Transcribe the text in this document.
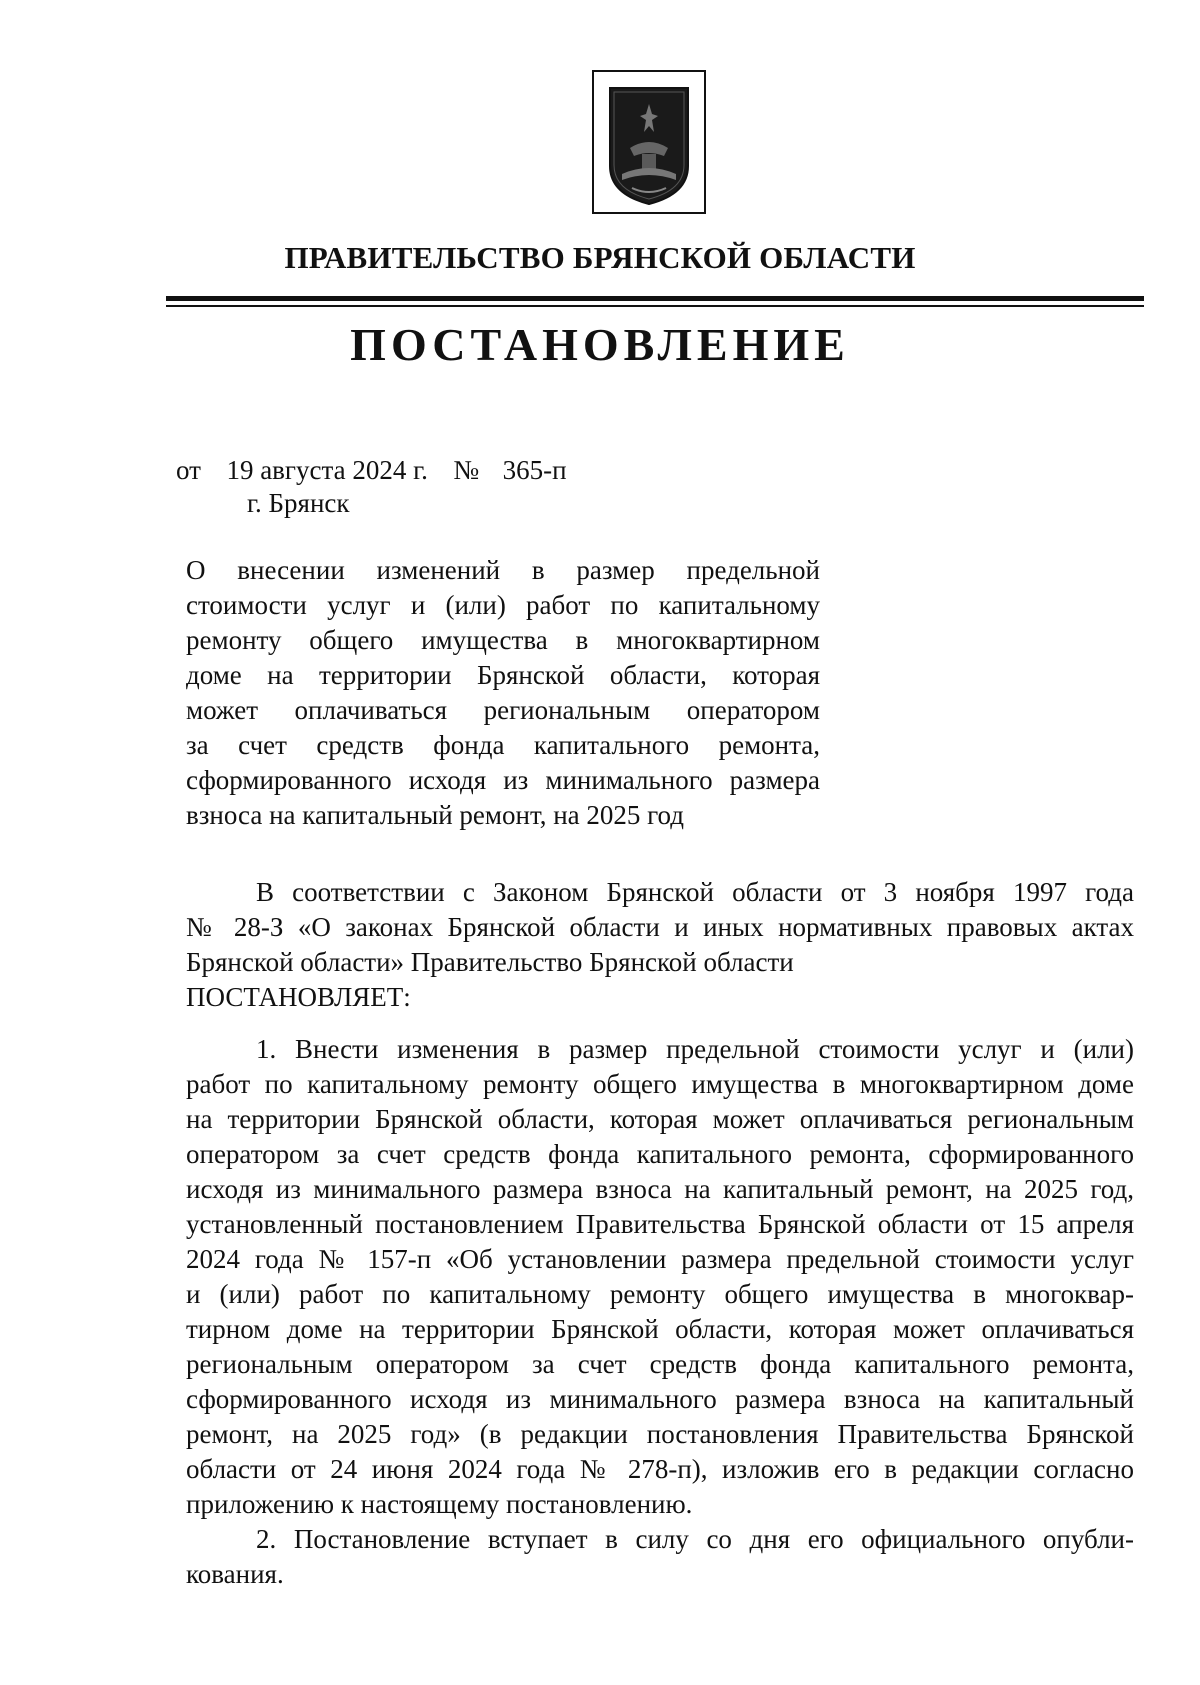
ПРАВИТЕЛЬСТВО БРЯНСКОЙ ОБЛАСТИ
ПОСТАНОВЛЕНИЕ
от 19 августа 2024 г. № 365-п
г. Брянск
О внесении изменений в размер предельной
стоимости услуг и (или) работ по капитальному
ремонту общего имущества в многоквартирном
доме на территории Брянской области, которая
может оплачиваться региональным оператором
за счет средств фонда капитального ремонта,
сформированного исходя из минимального размера
взноса на капитальный ремонт, на 2025 год
В соответствии с Законом Брянской области от 3 ноября 1997 года
№ 28-З «О законах Брянской области и иных нормативных правовых актах
Брянской области» Правительство Брянской области
ПОСТАНОВЛЯЕТ:
1. Внести изменения в размер предельной стоимости услуг и (или)
работ по капитальному ремонту общего имущества в многоквартирном доме
на территории Брянской области, которая может оплачиваться региональным
оператором за счет средств фонда капитального ремонта, сформированного
исходя из минимального размера взноса на капитальный ремонт, на 2025 год,
установленный постановлением Правительства Брянской области от 15 апреля
2024 года № 157-п «Об установлении размера предельной стоимости услуг
и (или) работ по капитальному ремонту общего имущества в многоквар-
тирном доме на территории Брянской области, которая может оплачиваться
региональным оператором за счет средств фонда капитального ремонта,
сформированного исходя из минимального размера взноса на капитальный
ремонт, на 2025 год» (в редакции постановления Правительства Брянской
области от 24 июня 2024 года № 278-п), изложив его в редакции согласно
приложению к настоящему постановлению.
2. Постановление вступает в силу со дня его официального опубли-
кования.
